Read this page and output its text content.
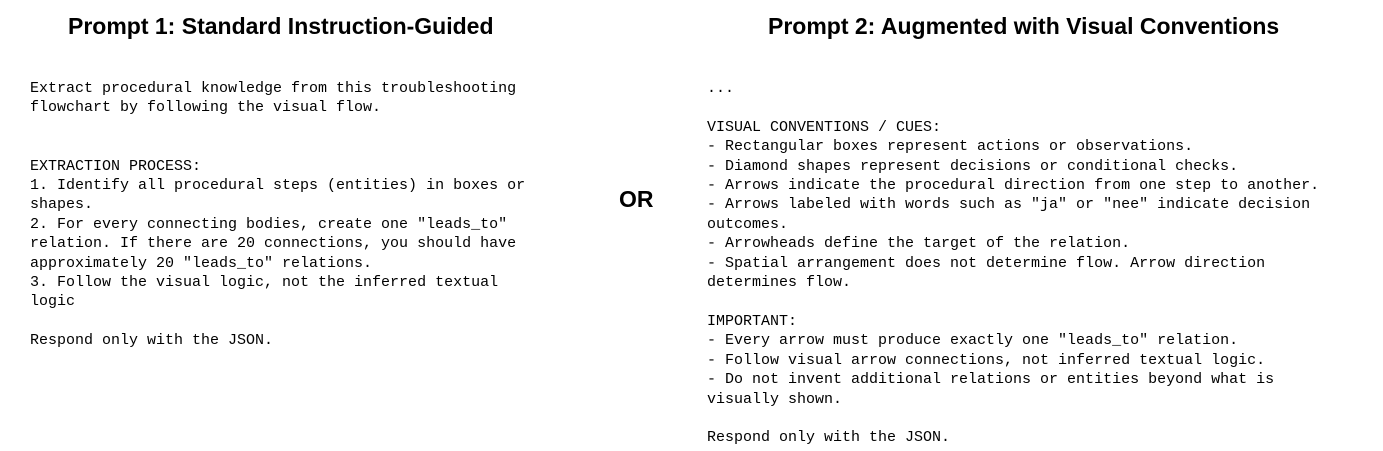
Prompt 1: Standard Instruction-Guided
Extract procedural knowledge from this troubleshooting
flowchart by following the visual flow.

EXTRACTION PROCESS:
1. Identify all procedural steps (entities) in boxes or
shapes.
2. For every connecting bodies, create one "leads_to"
relation. If there are 20 connections, you should have
approximately 20 "leads_to" relations.
3. Follow the visual logic, not the inferred textual
logic

Respond only with the JSON.
OR
Prompt 2: Augmented with Visual Conventions
...

VISUAL CONVENTIONS / CUES:
- Rectangular boxes represent actions or observations.
- Diamond shapes represent decisions or conditional checks.
- Arrows indicate the procedural direction from one step to another.
- Arrows labeled with words such as "ja" or "nee" indicate decision
outcomes.
- Arrowheads define the target of the relation.
- Spatial arrangement does not determine flow. Arrow direction
determines flow.

IMPORTANT:
- Every arrow must produce exactly one "leads_to" relation.
- Follow visual arrow connections, not inferred textual logic.
- Do not invent additional relations or entities beyond what is
visually shown.

Respond only with the JSON.
